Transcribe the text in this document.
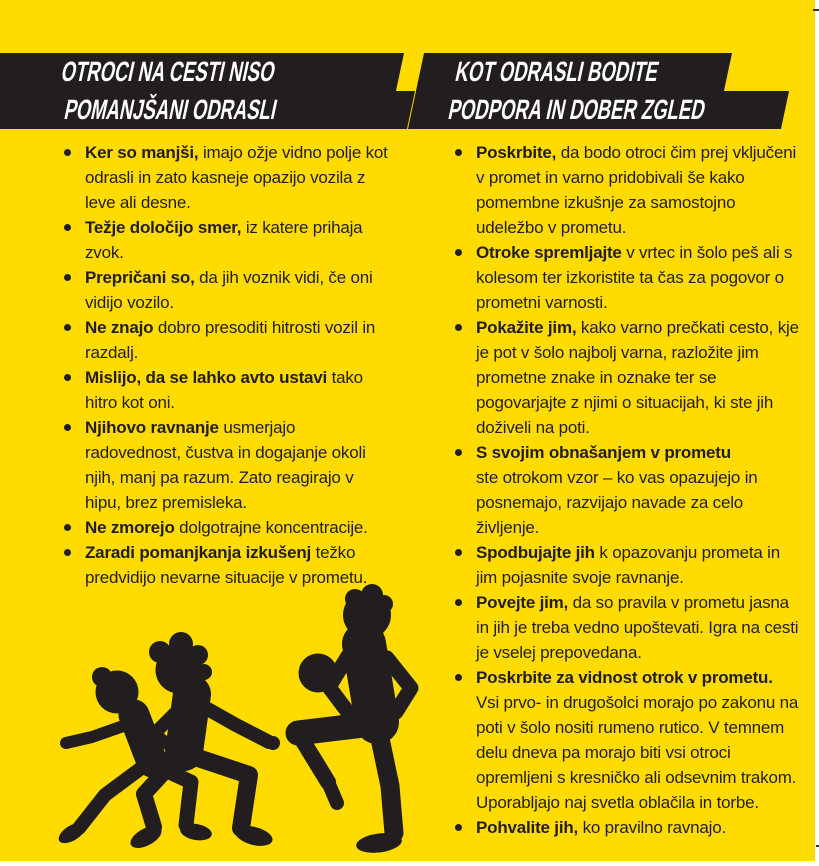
OTROCI NA CESTI NISO
POMANJŠANI ODRASLI
KOT ODRASLI BODITE
PODPORA IN DOBER ZGLED
Ker so manjši, imajo ožje vidno polje kot odrasli in zato kasneje opazijo vozila z leve ali desne.
Težje določijo smer, iz katere prihaja zvok.
Prepričani so, da jih voznik vidi, če oni vidijo vozilo.
Ne znajo dobro presoditi hitrosti vozil in razdalj.
Mislijo, da se lahko avto ustavi tako hitro kot oni.
Njihovo ravnanje usmerjajo radovednost, čustva in dogajanje okoli njih, manj pa razum. Zato reagirajo v hipu, brez premisleka.
Ne zmorejo dolgotrajne koncentracije.
Zaradi pomanjkanja izkušenj težko predvidijo nevarne situacije v prometu.
Poskrbite, da bodo otroci čim prej vključeni v promet in varno pridobivali še kako pomembne izkušnje za samostojno udeležbo v prometu.
Otroke spremljajte v vrtec in šolo peš ali s kolesom ter izkoristite ta čas za pogovor o prometni varnosti.
Pokažite jim, kako varno prečkati cesto, kje je pot v šolo najbolj varna, razložite jim prometne znake in oznake ter se pogovarjajte z njimi o situacijah, ki ste jih doživeli na poti.
S svojim obnašanjem v prometu
ste otrokom vzor – ko vas opazujejo in posnemajo, razvijajo navade za celo življenje.
Spodbujajte jih k opazovanju prometa in jim pojasnite svoje ravnanje.
Povejte jim, da so pravila v prometu jasna in jih je treba vedno upoštevati. Igra na cesti je vselej prepovedana.
Poskrbite za vidnost otrok v prometu.
Vsi prvo- in drugošolci morajo po zakonu na poti v šolo nositi rumeno rutico. V temnem delu dneva pa morajo biti vsi otroci opremljeni s kresničko ali odsevnim trakom. Uporabljajo naj svetla oblačila in torbe.
Pohvalite jih, ko pravilno ravnajo.
